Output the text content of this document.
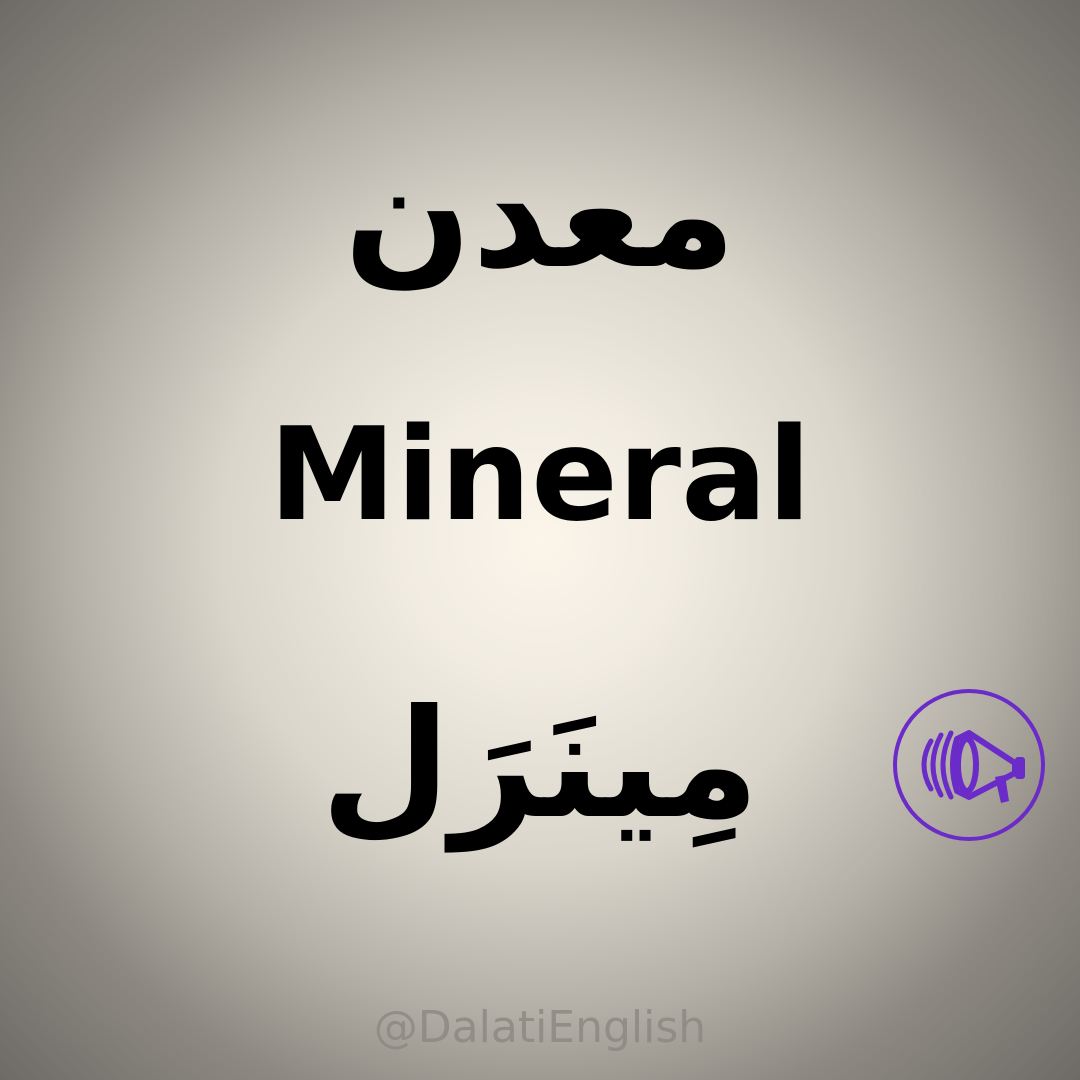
معدن
Mineral
مِينَرَل
@DalatiEnglish
